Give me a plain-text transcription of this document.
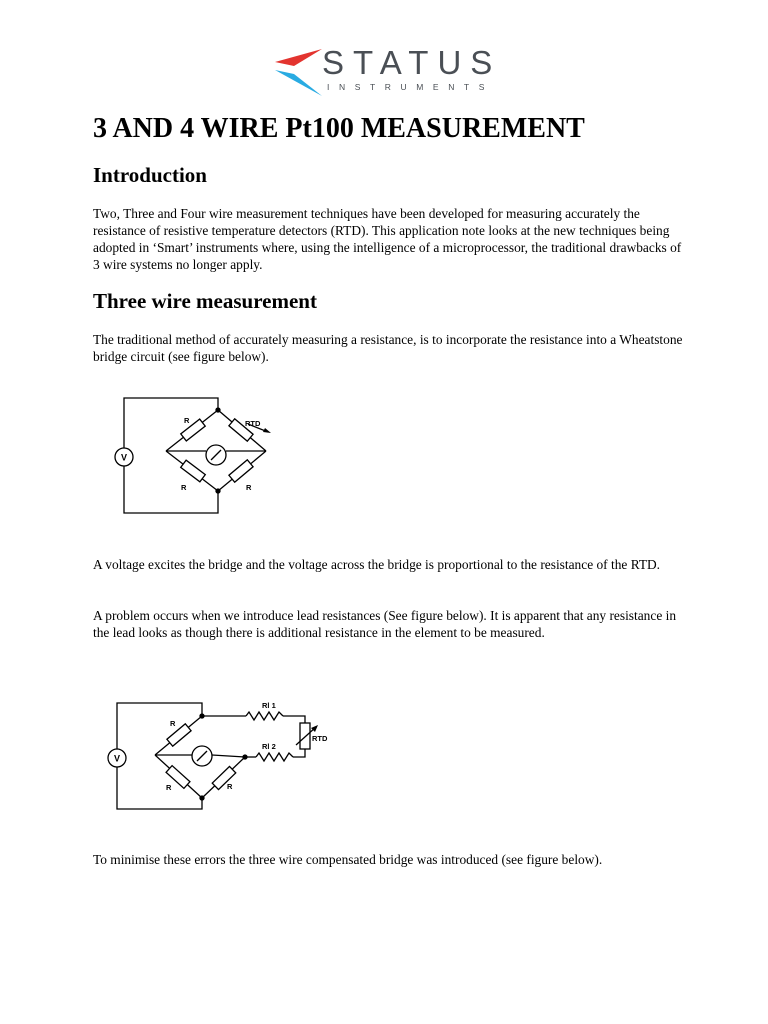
STATUS
INSTRUMENTS
3 AND 4 WIRE Pt100 MEASUREMENT
Introduction

Two, Three and Four wire measurement techniques have been developed for measuring accurately the resistance of resistive temperature detectors (RTD). This application note looks at the new techniques being adopted in ‘Smart’ instruments where, using the intelligence of a microprocessor, the traditional drawbacks of 3 wire systems no longer apply.

Three wire measurement

The traditional method of accurately measuring a resistance, is to incorporate the resistance into a Wheatstone bridge circuit (see figure below).

V
R	RTD
R	R

A voltage excites the bridge and the voltage across the bridge is proportional to the resistance of the RTD.

A problem occurs when we introduce lead resistances (See figure below). It is apparent that any resistance in the lead looks as though there is additional resistance in the element to be measured.

V
R
Rl 1
Rl 2
RTD
R	R

To minimise these errors the three wire compensated bridge was introduced (see figure below).
